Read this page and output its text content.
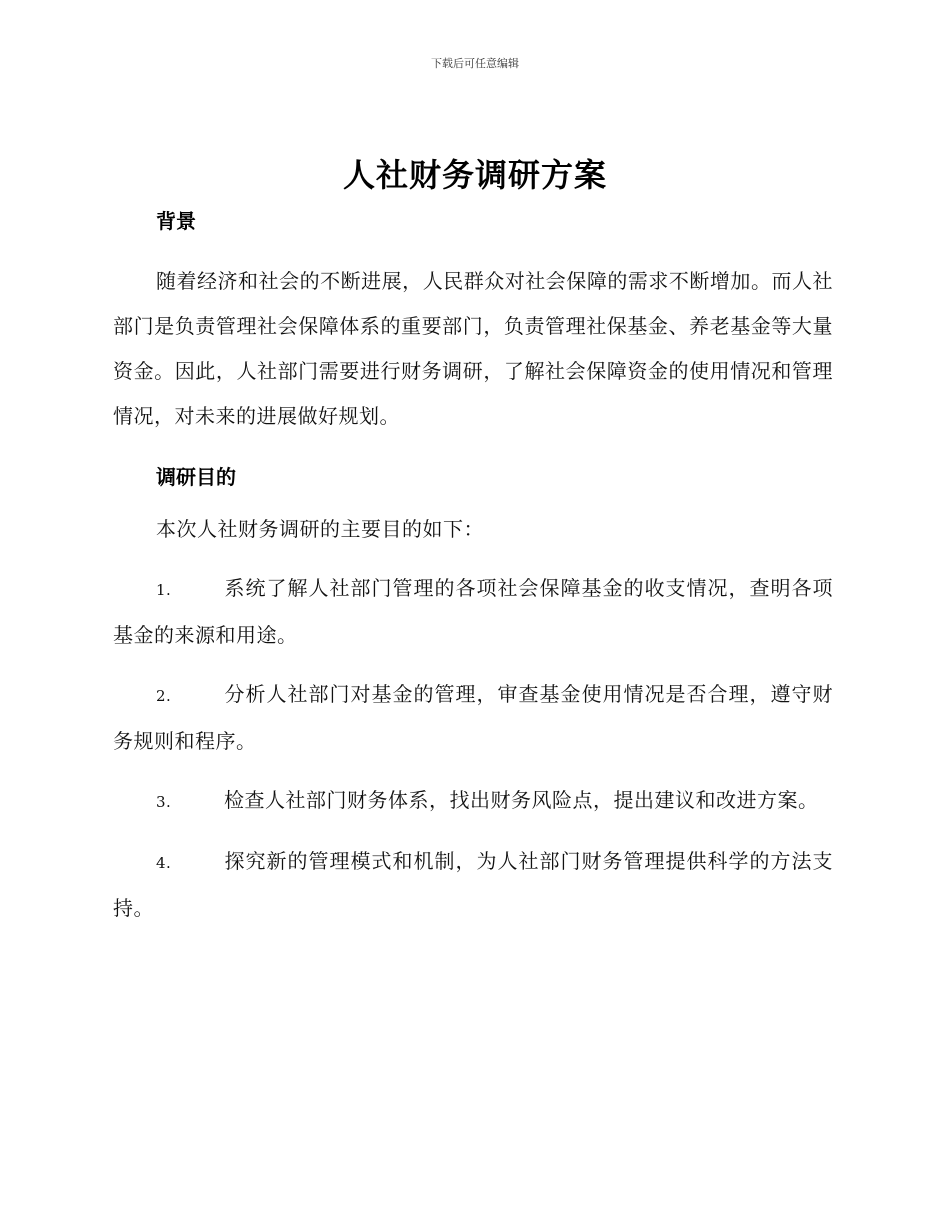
下载后可任意编辑
人社财务调研方案

背景

随着经济和社会的不断进展，人民群众对社会保障的需求不断增加。而人社部门是负责管理社会保障体系的重要部门，负责管理社保基金、养老基金等大量资金。因此，人社部门需要进行财务调研，了解社会保障资金的使用情况和管理情况，对未来的进展做好规划。

调研目的

本次人社财务调研的主要目的如下：

1.	系统了解人社部门管理的各项社会保障基金的收支情况，查明各项基金的来源和用途。

2.	分析人社部门对基金的管理，审查基金使用情况是否合理，遵守财务规则和程序。

3.	检查人社部门财务体系，找出财务风险点，提出建议和改进方案。

4.	探究新的管理模式和机制，为人社部门财务管理提供科学的方法支持。
